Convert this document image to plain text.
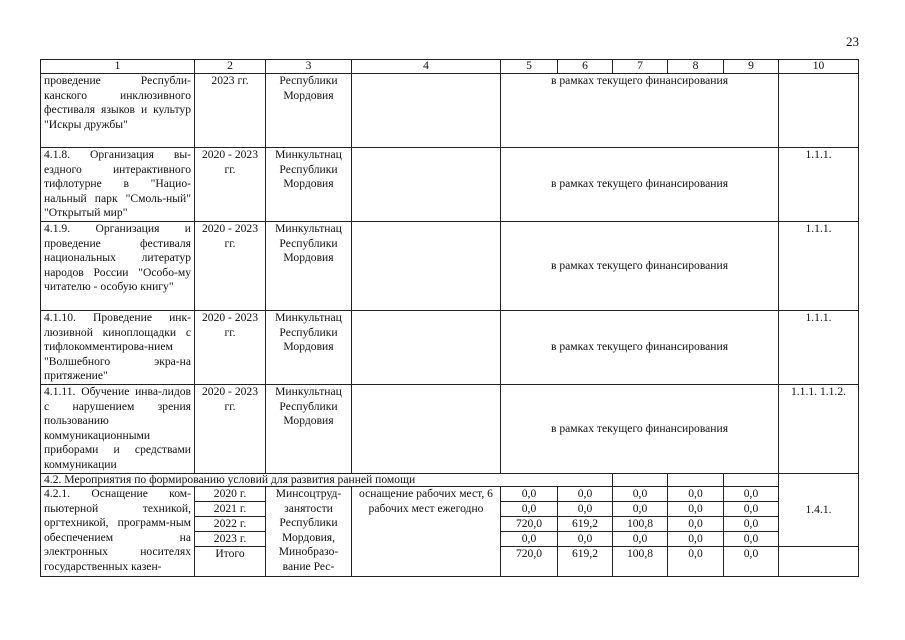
23
1	2	3	4	5	6	7	8	9	10
проведение Республи-канского инклюзивного фестиваля языков и культур "Искры дружбы"	2023 гг.	Республики Мордовия		в рамках текущего финансирования					
4.1.8. Организация вы-ездного интерактивного тифлотурне в "Нацио-нальный парк "Смоль-ный" "Открытый мир"	2020 - 2023 гг.	Минкультнац Республики Мордовия		в рамках текущего финансирования					1.1.1.
4.1.9. Организация и проведение фестиваля национальных литератур народов России "Особо-му читателю - особую книгу"	2020 - 2023 гг.	Минкультнац Республики Мордовия		в рамках текущего финансирования					1.1.1.
4.1.10. Проведение инк-люзивной киноплощадки с тифлокомментирова-нием "Волшебного экра-на притяжение"	2020 - 2023 гг.	Минкультнац Республики Мордовия		в рамках текущего финансирования					1.1.1.
4.1.11. Обучение инва-лидов с нарушением зрения пользованию коммуникационными приборами и средствами коммуникации	2020 - 2023 гг.	Минкультнац Республики Мордовия		в рамках текущего финансирования					1.1.1. 1.1.2.
4.2. Мероприятия по формированию условий для развития ранней помощи									1.4.1.
4.2.1. Оснащение ком-пьютерной техникой, оргтехникой, программ-ным обеспечением на электронных носителях государственных казен-	2020 г.	Минсоцтруд-занятости Республики Мордовия, Минобразо-вание Рес-	оснащение рабочих мест, 6 рабочих мест ежегодно	0,0	0,0	0,0	0,0	0,0	
	2021 г.			0,0	0,0	0,0	0,0	0,0	
	2022 г.			720,0	619,2	100,8	0,0	0,0	
	2023 г.			0,0	0,0	0,0	0,0	0,0	
	Итого			720,0	619,2	100,8	0,0	0,0	
